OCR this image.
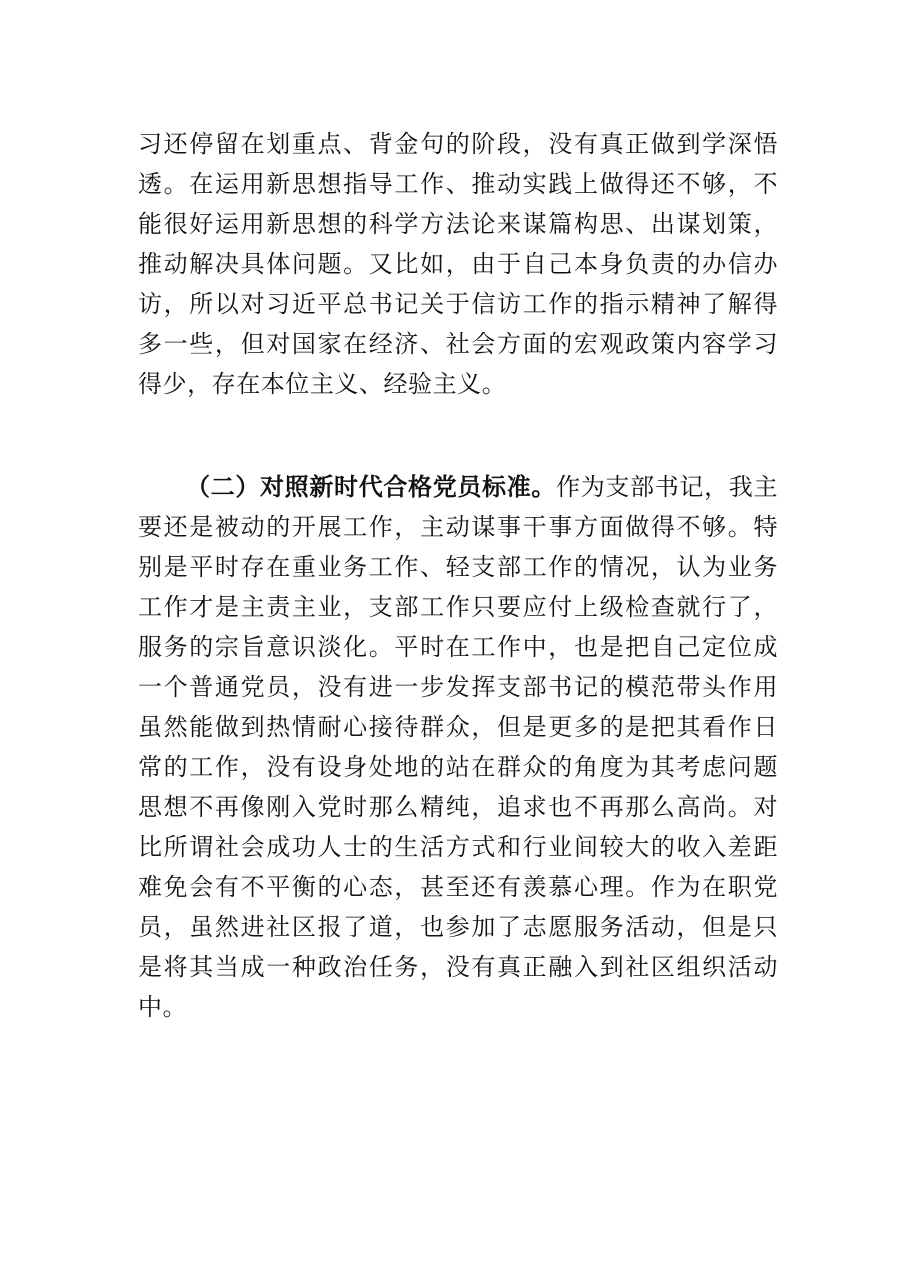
习还停留在划重点、背金句的阶段，没有真正做到学深悟
透。在运用新思想指导工作、推动实践上做得还不够，不
能很好运用新思想的科学方法论来谋篇构思、出谋划策，
推动解决具体问题。又比如，由于自己本身负责的办信办
访，所以对习近平总书记关于信访工作的指示精神了解得
多一些，但对国家在经济、社会方面的宏观政策内容学习
得少，存在本位主义、经验主义。
（二）对照新时代合格党员标准。作为支部书记，我主
要还是被动的开展工作，主动谋事干事方面做得不够。特
别是平时存在重业务工作、轻支部工作的情况，认为业务
工作才是主责主业，支部工作只要应付上级检查就行了，
服务的宗旨意识淡化。平时在工作中，也是把自己定位成
一个普通党员，没有进一步发挥支部书记的模范带头作用
虽然能做到热情耐心接待群众，但是更多的是把其看作日
常的工作，没有设身处地的站在群众的角度为其考虑问题
思想不再像刚入党时那么精纯，追求也不再那么高尚。对
比所谓社会成功人士的生活方式和行业间较大的收入差距
难免会有不平衡的心态，甚至还有羡慕心理。作为在职党
员，虽然进社区报了道，也参加了志愿服务活动，但是只
是将其当成一种政治任务，没有真正融入到社区组织活动
中。
